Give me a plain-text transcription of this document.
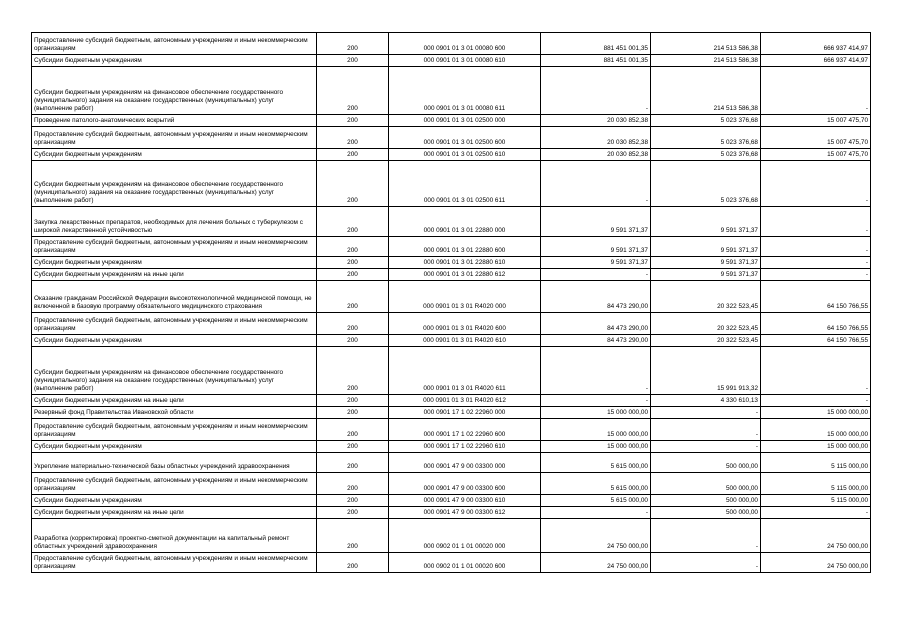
Предоставление субсидий бюджетным, автономным учреждениям и иным некоммерческим организациям	200	000 0901 01 3 01 00080 600	881 451 001,35	214 513 586,38	666 937 414,97
Субсидии бюджетным учреждениям	200	000 0901 01 3 01 00080 610	881 451 001,35	214 513 586,38	666 937 414,97
Субсидии бюджетным учреждениям на финансовое обеспечение государственного (муниципального) задания на оказание государственных (муниципальных) услуг (выполнение работ)	200	000 0901 01 3 01 00080 611	-	214 513 586,38	-
Проведение патолого-анатомических вскрытий	200	000 0901 01 3 01 02500 000	20 030 852,38	5 023 376,68	15 007 475,70
Предоставление субсидий бюджетным, автономным учреждениям и иным некоммерческим организациям	200	000 0901 01 3 01 02500 600	20 030 852,38	5 023 376,68	15 007 475,70
Субсидии бюджетным учреждениям	200	000 0901 01 3 01 02500 610	20 030 852,38	5 023 376,68	15 007 475,70
Субсидии бюджетным учреждениям на финансовое обеспечение государственного (муниципального) задания на оказание государственных (муниципальных) услуг (выполнение работ)	200	000 0901 01 3 01 02500 611	-	5 023 376,68	-
Закупка лекарственных препаратов, необходимых для лечения больных с туберкулезом с широкой лекарственной устойчивостью	200	000 0901 01 3 01 22880 000	9 591 371,37	9 591 371,37	-
Предоставление субсидий бюджетным, автономным учреждениям и иным некоммерческим организациям	200	000 0901 01 3 01 22880 600	9 591 371,37	9 591 371,37	-
Субсидии бюджетным учреждениям	200	000 0901 01 3 01 22880 610	9 591 371,37	9 591 371,37	-
Субсидии бюджетным учреждениям на иные цели	200	000 0901 01 3 01 22880 612	-	9 591 371,37	-
Оказание гражданам Российской Федерации высокотехнологичной медицинской помощи, не включенной в базовую программу обязательного медицинского страхования	200	000 0901 01 3 01 R4020 000	84 473 290,00	20 322 523,45	64 150 766,55
Предоставление субсидий бюджетным, автономным учреждениям и иным некоммерческим организациям	200	000 0901 01 3 01 R4020 600	84 473 290,00	20 322 523,45	64 150 766,55
Субсидии бюджетным учреждениям	200	000 0901 01 3 01 R4020 610	84 473 290,00	20 322 523,45	64 150 766,55
Субсидии бюджетным учреждениям на финансовое обеспечение государственного (муниципального) задания на оказание государственных (муниципальных) услуг (выполнение работ)	200	000 0901 01 3 01 R4020 611	-	15 991 913,32	-
Субсидии бюджетным учреждениям на иные цели	200	000 0901 01 3 01 R4020 612	-	4 330 610,13	-
Резервный фонд Правительства Ивановской области	200	000 0901 17 1 02 22960 000	15 000 000,00	-	15 000 000,00
Предоставление субсидий бюджетным, автономным учреждениям и иным некоммерческим организациям	200	000 0901 17 1 02 22960 600	15 000 000,00	-	15 000 000,00
Субсидии бюджетным учреждениям	200	000 0901 17 1 02 22960 610	15 000 000,00	-	15 000 000,00
Укрепление материально-технической базы областных учреждений здравоохранения	200	000 0901 47 9 00 03300 000	5 615 000,00	500 000,00	5 115 000,00
Предоставление субсидий бюджетным, автономным учреждениям и иным некоммерческим организациям	200	000 0901 47 9 00 03300 600	5 615 000,00	500 000,00	5 115 000,00
Субсидии бюджетным учреждениям	200	000 0901 47 9 00 03300 610	5 615 000,00	500 000,00	5 115 000,00
Субсидии бюджетным учреждениям на иные цели	200	000 0901 47 9 00 03300 612	-	500 000,00	-
Разработка (корректировка) проектно-сметной документации на капитальный ремонт областных учреждений здравоохранения	200	000 0902 01 1 01 00020 000	24 750 000,00	-	24 750 000,00
Предоставление субсидий бюджетным, автономным учреждениям и иным некоммерческим организациям	200	000 0902 01 1 01 00020 600	24 750 000,00	-	24 750 000,00
